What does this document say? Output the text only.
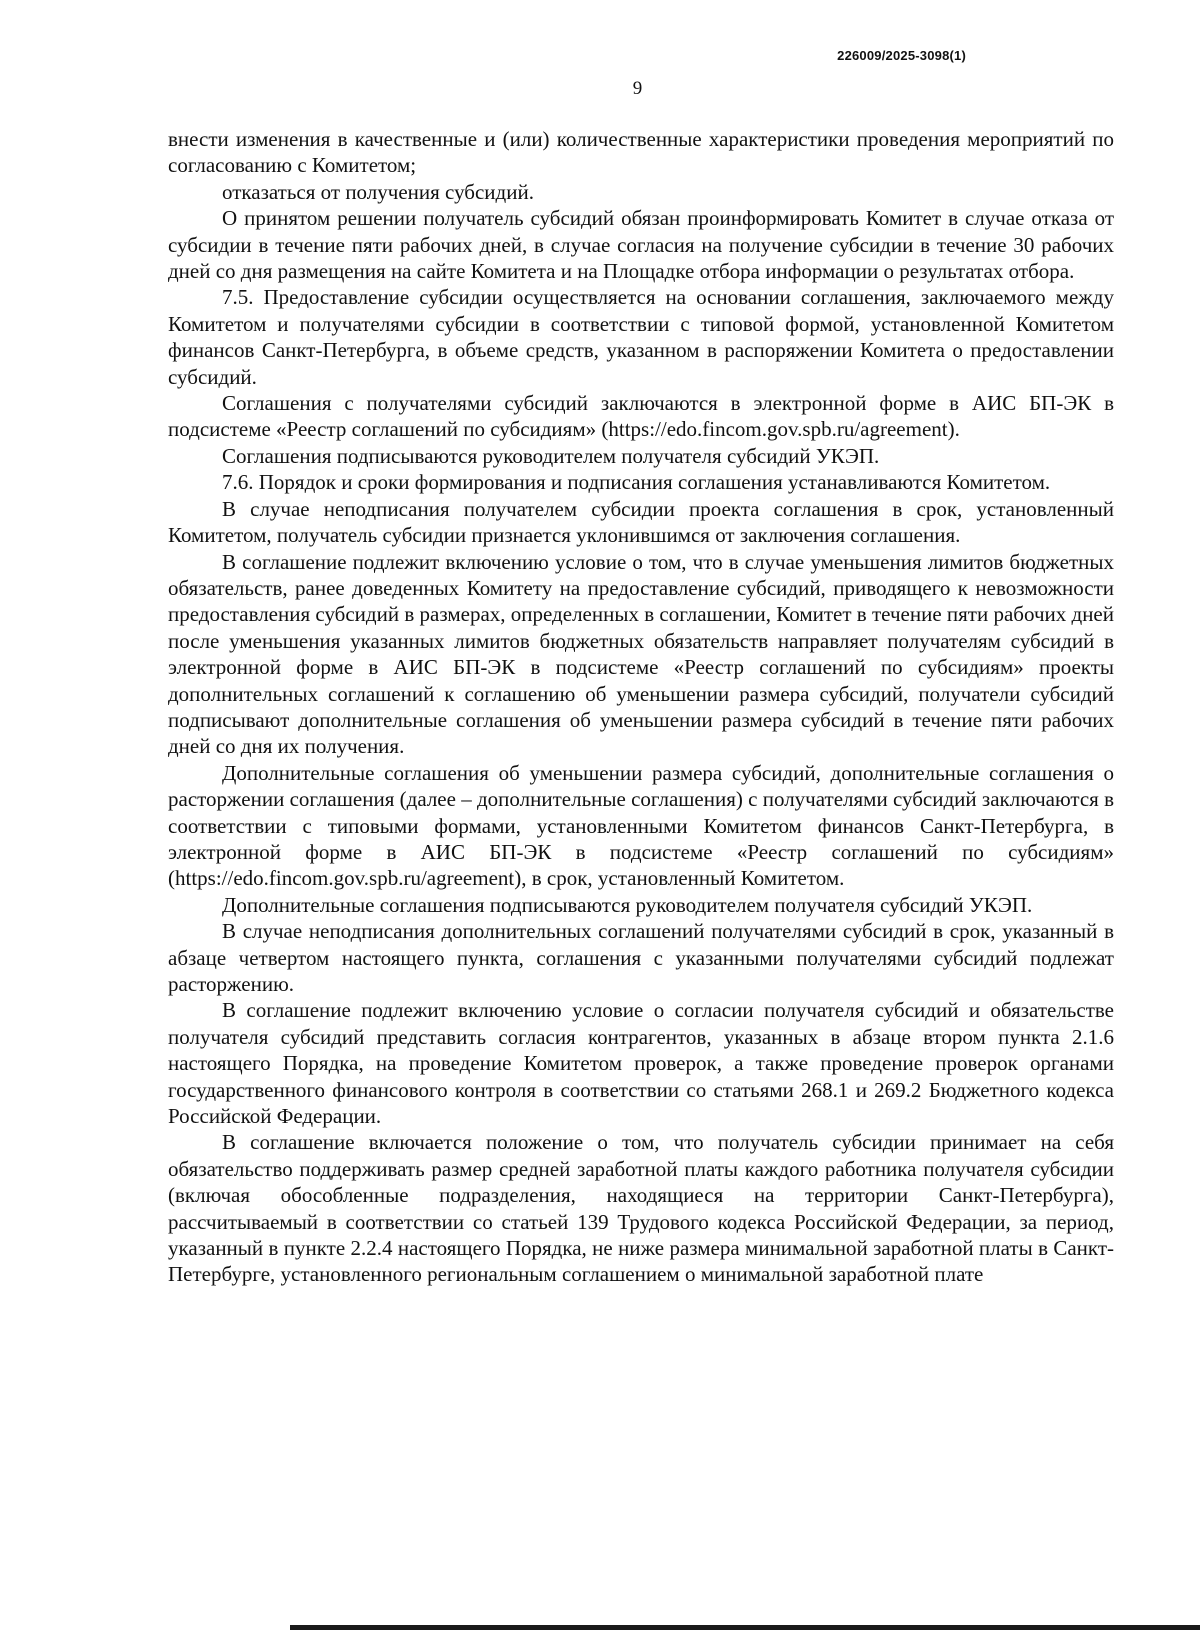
226009/2025-3098(1)
9

внести изменения в качественные и (или) количественные характеристики проведения мероприятий по согласованию с Комитетом;

отказаться от получения субсидий.

О принятом решении получатель субсидий обязан проинформировать Комитет в случае отказа от субсидии в течение пяти рабочих дней, в случае согласия на получение субсидии в течение 30 рабочих дней со дня размещения на сайте Комитета и на Площадке отбора информации о результатах отбора.

7.5. Предоставление субсидии осуществляется на основании соглашения, заключаемого между Комитетом и получателями субсидии в соответствии с типовой формой, установленной Комитетом финансов Санкт-Петербурга, в объеме средств, указанном в распоряжении Комитета о предоставлении субсидий.

Соглашения с получателями субсидий заключаются в электронной форме в АИС БП-ЭК в подсистеме «Реестр соглашений по субсидиям» (https://edo.fincom.gov.spb.ru/agreement).

Соглашения подписываются руководителем получателя субсидий УКЭП.

7.6. Порядок и сроки формирования и подписания соглашения устанавливаются Комитетом.

В случае неподписания получателем субсидии проекта соглашения в срок, установленный Комитетом, получатель субсидии признается уклонившимся от заключения соглашения.

В соглашение подлежит включению условие о том, что в случае уменьшения лимитов бюджетных обязательств, ранее доведенных Комитету на предоставление субсидий, приводящего к невозможности предоставления субсидий в размерах, определенных в соглашении, Комитет в течение пяти рабочих дней после уменьшения указанных лимитов бюджетных обязательств направляет получателям субсидий в электронной форме в АИС БП-ЭК в подсистеме «Реестр соглашений по субсидиям» проекты дополнительных соглашений к соглашению об уменьшении размера субсидий, получатели субсидий подписывают дополнительные соглашения об уменьшении размера субсидий в течение пяти рабочих дней со дня их получения.

Дополнительные соглашения об уменьшении размера субсидий, дополнительные соглашения о расторжении соглашения (далее – дополнительные соглашения) с получателями субсидий заключаются в соответствии с типовыми формами, установленными Комитетом финансов Санкт-Петербурга, в электронной форме в АИС БП-ЭК в подсистеме «Реестр соглашений по субсидиям» (https://edo.fincom.gov.spb.ru/agreement), в срок, установленный Комитетом.

Дополнительные соглашения подписываются руководителем получателя субсидий УКЭП.

В случае неподписания дополнительных соглашений получателями субсидий в срок, указанный в абзаце четвертом настоящего пункта, соглашения с указанными получателями субсидий подлежат расторжению.

В соглашение подлежит включению условие о согласии получателя субсидий и обязательстве получателя субсидий представить согласия контрагентов, указанных в абзаце втором пункта 2.1.6 настоящего Порядка, на проведение Комитетом проверок, а также проведение проверок органами государственного финансового контроля в соответствии со статьями 268.1 и 269.2 Бюджетного кодекса Российской Федерации.

В соглашение включается положение о том, что получатель субсидии принимает на себя обязательство поддерживать размер средней заработной платы каждого работника получателя субсидии (включая обособленные подразделения, находящиеся на территории Санкт-Петербурга), рассчитываемый в соответствии со статьей 139 Трудового кодекса Российской Федерации, за период, указанный в пункте 2.2.4 настоящего Порядка, не ниже размера минимальной заработной платы в Санкт-Петербурге, установленного региональным соглашением о минимальной заработной плате
